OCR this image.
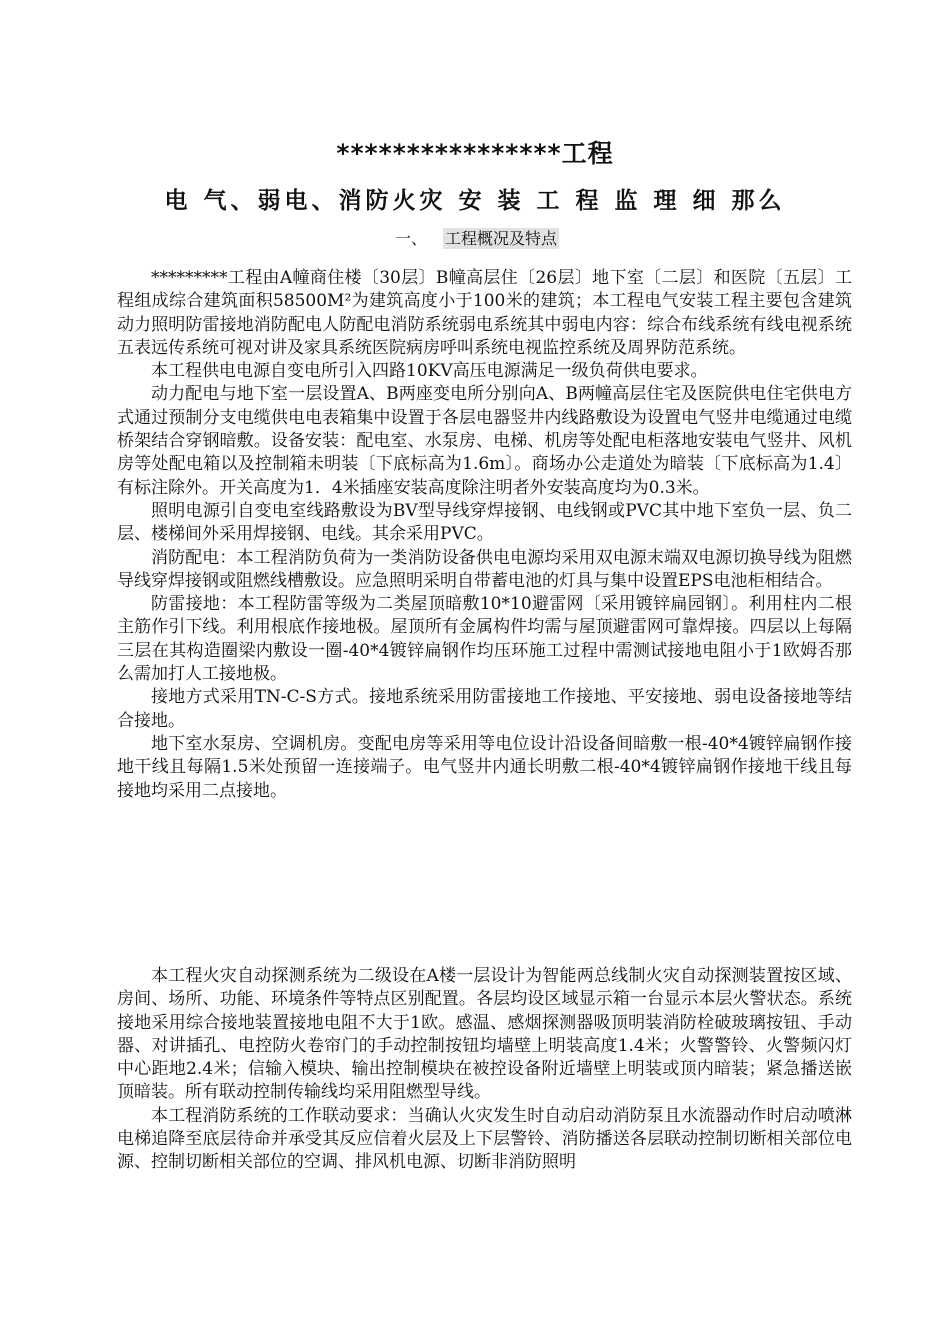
****************工程
电 气、弱电、消防火灾 安 装 工 程 监 理 细 那么
一、 工程概况及特点

*********工程由A幢商住楼〔30层〕B幢高层住〔26层〕地下室〔二层〕和医院〔五层〕工程组成综合建筑面积58500M²为建筑高度小于100米的建筑；本工程电气安装工程主要包含建筑动力照明防雷接地消防配电人防配电消防系统弱电系统其中弱电内容：综合布线系统有线电视系统五表远传系统可视对讲及家具系统医院病房呼叫系统电视监控系统及周界防范系统。

本工程供电电源自变电所引入四路10KV高压电源满足一级负荷供电要求。

动力配电与地下室一层设置A、B两座变电所分别向A、B两幢高层住宅及医院供电住宅供电方式通过预制分支电缆供电电表箱集中设置于各层电器竖井内线路敷设为设置电气竖井电缆通过电缆桥架结合穿钢暗敷。设备安装：配电室、水泵房、电梯、机房等处配电柜落地安装电气竖井、风机房等处配电箱以及控制箱未明装〔下底标高为1.6m〕。商场办公走道处为暗装〔下底标高为1.4〕有标注除外。开关高度为1．4米插座安装高度除注明者外安装高度均为0.3米。

照明电源引自变电室线路敷设为BV型导线穿焊接钢、电线钢或PVC其中地下室负一层、负二层、楼梯间外采用焊接钢、电线。其余采用PVC。

消防配电：本工程消防负荷为一类消防设备供电电源均采用双电源末端双电源切换导线为阻燃导线穿焊接钢或阻燃线槽敷设。应急照明采明自带蓄电池的灯具与集中设置EPS电池柜相结合。

防雷接地：本工程防雷等级为二类屋顶暗敷10*10避雷网〔采用镀锌扁园钢〕。利用柱内二根主筋作引下线。利用根底作接地极。屋顶所有金属构件均需与屋顶避雷网可靠焊接。四层以上每隔三层在其构造圈梁内敷设一圈-40*4镀锌扁钢作均压环施工过程中需测试接地电阻小于1欧姆否那么需加打人工接地极。

接地方式采用TN-C-S方式。接地系统采用防雷接地工作接地、平安接地、弱电设备接地等结合接地。

地下室水泵房、空调机房。变配电房等采用等电位设计沿设备间暗敷一根-40*4镀锌扁钢作接地干线且每隔1.5米处预留一连接端子。电气竖井内通长明敷二根-40*4镀锌扁钢作接地干线且每接地均采用二点接地。

本工程火灾自动探测系统为二级设在A楼一层设计为智能两总线制火灾自动探测装置按区域、房间、场所、功能、环境条件等特点区别配置。各层均设区域显示箱一台显示本层火警状态。系统接地采用综合接地装置接地电阻不大于1欧。感温、感烟探测器吸顶明装消防栓破玻璃按钮、手动器、对讲插孔、电控防火卷帘门的手动控制按钮均墙壁上明装高度1.4米；火警警铃、火警频闪灯中心距地2.4米；信输入模块、输出控制模块在被控设备附近墙壁上明装或顶内暗装；紧急播送嵌顶暗装。所有联动控制传输线均采用阻燃型导线。

本工程消防系统的工作联动要求：当确认火灾发生时自动启动消防泵且水流器动作时启动喷淋电梯追降至底层待命并承受其反应信着火层及上下层警铃、消防播送各层联动控制切断相关部位电源、控制切断相关部位的空调、排风机电源、切断非消防照明
